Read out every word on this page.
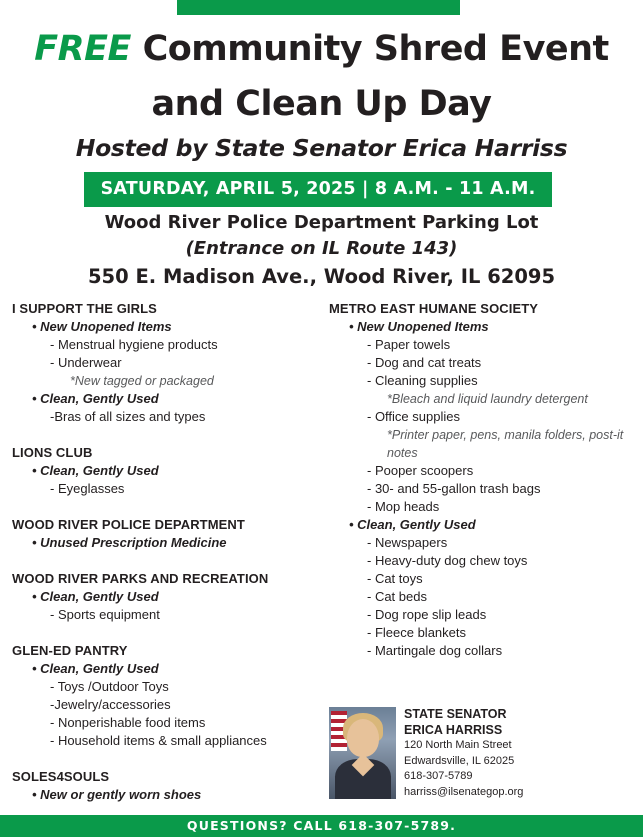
FREE Community Shred Event
and Clean Up Day
Hosted by State Senator Erica Harriss
SATURDAY, APRIL 5, 2025 | 8 A.M. - 11 A.M.
Wood River Police Department Parking Lot
(Entrance on IL Route 143)
550 E. Madison Ave., Wood River, IL 62095
I SUPPORT THE GIRLS
• New Unopened Items
- Menstrual hygiene products
- Underwear
*New tagged or packaged
• Clean, Gently Used
-Bras of all sizes and types
LIONS CLUB
• Clean, Gently Used
- Eyeglasses
WOOD RIVER POLICE DEPARTMENT
• Unused Prescription Medicine
WOOD RIVER PARKS AND RECREATION
• Clean, Gently Used
- Sports equipment
GLEN-ED PANTRY
• Clean, Gently Used
- Toys /Outdoor Toys
-Jewelry/accessories
- Nonperishable food items
- Household items & small appliances
SOLES4SOULS
• New or gently worn shoes
METRO EAST HUMANE SOCIETY
• New Unopened Items
- Paper towels
- Dog and cat treats
- Cleaning supplies
*Bleach and liquid laundry detergent
- Office supplies
*Printer paper, pens, manila folders, post-it notes
- Pooper scoopers
- 30- and 55-gallon trash bags
- Mop heads
• Clean, Gently Used
- Newspapers
- Heavy-duty dog chew toys
- Cat toys
- Cat beds
- Dog rope slip leads
- Fleece blankets
- Martingale dog collars
STATE SENATOR
ERICA HARRISS
120 North Main Street
Edwardsville, IL 62025
618-307-5789
harriss@ilsenategop.org
QUESTIONS? CALL 618-307-5789.
